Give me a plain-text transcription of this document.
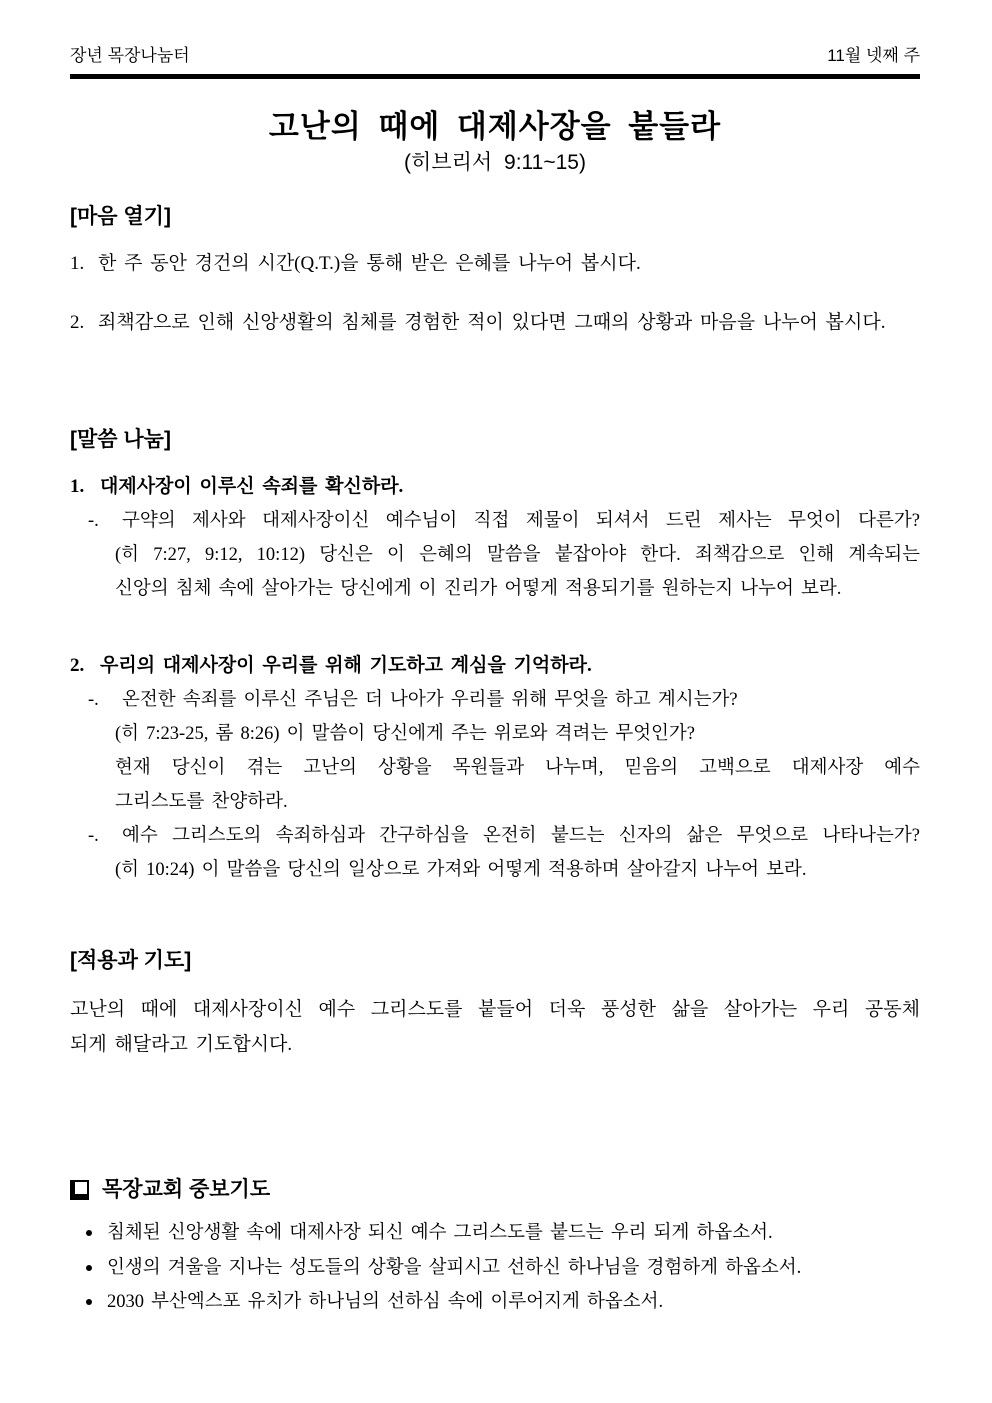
장년 목장나눔터	11월 넷째 주
고난의 때에 대제사장을 붙들라
(히브리서 9:11~15)
[마음 열기]
1. 한 주 동안 경건의 시간(Q.T.)을 통해 받은 은혜를 나누어 봅시다.
2. 죄책감으로 인해 신앙생활의 침체를 경험한 적이 있다면 그때의 상황과 마음을 나누어 봅시다.
[말씀 나눔]
1. 대제사장이 이루신 속죄를 확신하라.
-.	구약의 제사와 대제사장이신 예수님이 직접 제물이 되셔서 드린 제사는 무엇이 다른가?
(히 7:27, 9:12, 10:12) 당신은 이 은혜의 말씀을 붙잡아야 한다. 죄책감으로 인해 계속되는
신앙의 침체 속에 살아가는 당신에게 이 진리가 어떻게 적용되기를 원하는지 나누어 보라.
2. 우리의 대제사장이 우리를 위해 기도하고 계심을 기억하라.
-.	온전한 속죄를 이루신 주님은 더 나아가 우리를 위해 무엇을 하고 계시는가?
(히 7:23-25, 롬 8:26) 이 말씀이 당신에게 주는 위로와 격려는 무엇인가?
현재 당신이 겪는 고난의 상황을 목원들과 나누며, 믿음의 고백으로 대제사장 예수
그리스도를 찬양하라.
-.	예수 그리스도의 속죄하심과 간구하심을 온전히 붙드는 신자의 삶은 무엇으로 나타나는가?
(히 10:24) 이 말씀을 당신의 일상으로 가져와 어떻게 적용하며 살아갈지 나누어 보라.
[적용과 기도]
고난의 때에 대제사장이신 예수 그리스도를 붙들어 더욱 풍성한 삶을 살아가는 우리 공동체
되게 해달라고 기도합시다.
목장교회 중보기도
침체된 신앙생활 속에 대제사장 되신 예수 그리스도를 붙드는 우리 되게 하옵소서.
인생의 겨울을 지나는 성도들의 상황을 살피시고 선하신 하나님을 경험하게 하옵소서.
2030 부산엑스포 유치가 하나님의 선하심 속에 이루어지게 하옵소서.
